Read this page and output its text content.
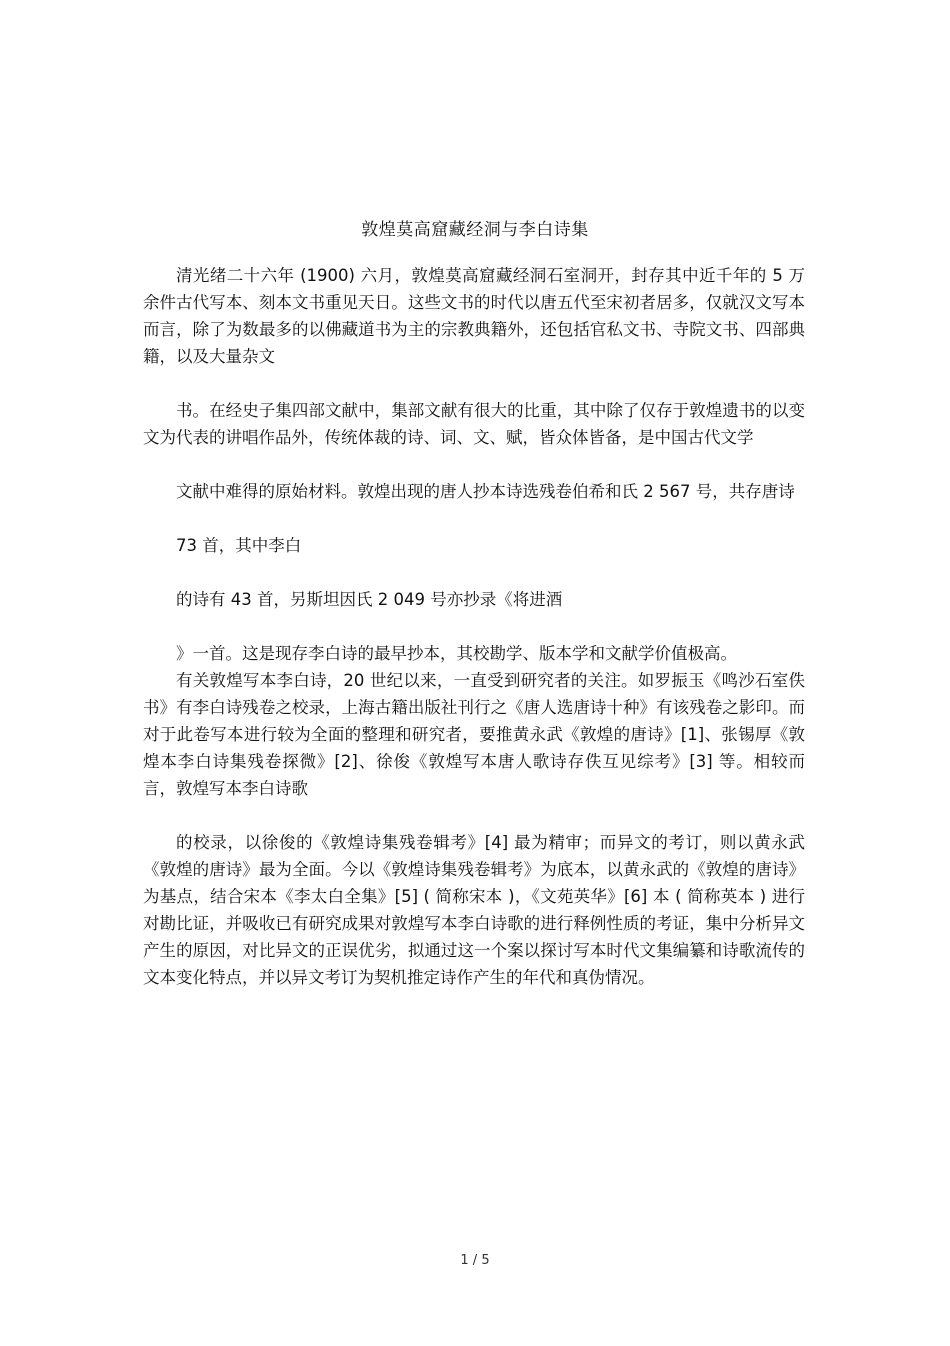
敦煌莫高窟藏经洞与李白诗集

清光绪二十六年 (1900) 六月，敦煌莫高窟藏经洞石室洞开，封存其中近千年的 5 万余件古代写本、刻本文书重见天日。这些文书的时代以唐五代至宋初者居多，仅就汉文写本而言，除了为数最多的以佛藏道书为主的宗教典籍外，还包括官私文书、寺院文书、四部典籍，以及大量杂文

书。在经史子集四部文献中，集部文献有很大的比重，其中除了仅存于敦煌遗书的以变文为代表的讲唱作品外，传统体裁的诗、词、文、赋，皆众体皆备，是中国古代文学

文献中难得的原始材料。敦煌出现的唐人抄本诗选残卷伯希和氏 2 567 号，共存唐诗

73 首，其中李白

的诗有 43 首，另斯坦因氏 2 049 号亦抄录《将进酒

》一首。这是现存李白诗的最早抄本，其校勘学、版本学和文献学价值极高。

有关敦煌写本李白诗，20 世纪以来，一直受到研究者的关注。如罗振玉《鸣沙石室佚书》有李白诗残卷之校录，上海古籍出版社刊行之《唐人选唐诗十种》有该残卷之影印。而对于此卷写本进行较为全面的整理和研究者，要推黄永武《敦煌的唐诗》[1]、张锡厚《敦煌本李白诗集残卷探微》[2]、徐俊《敦煌写本唐人歌诗存佚互见综考》[3] 等。相较而言，敦煌写本李白诗歌

的校录，以徐俊的《敦煌诗集残卷辑考》[4] 最为精审；而异文的考订，则以黄永武《敦煌的唐诗》最为全面。今以《敦煌诗集残卷辑考》为底本，以黄永武的《敦煌的唐诗》为基点，结合宋本《李太白全集》[5] ( 简称宋本 )，《文苑英华》[6] 本 ( 简称英本 ) 进行对勘比证，并吸收已有研究成果对敦煌写本李白诗歌的进行释例性质的考证，集中分析异文产生的原因，对比异文的正误优劣，拟通过这一个案以探讨写本时代文集编纂和诗歌流传的文本变化特点，并以异文考订为契机推定诗作产生的年代和真伪情况。

1 / 5
